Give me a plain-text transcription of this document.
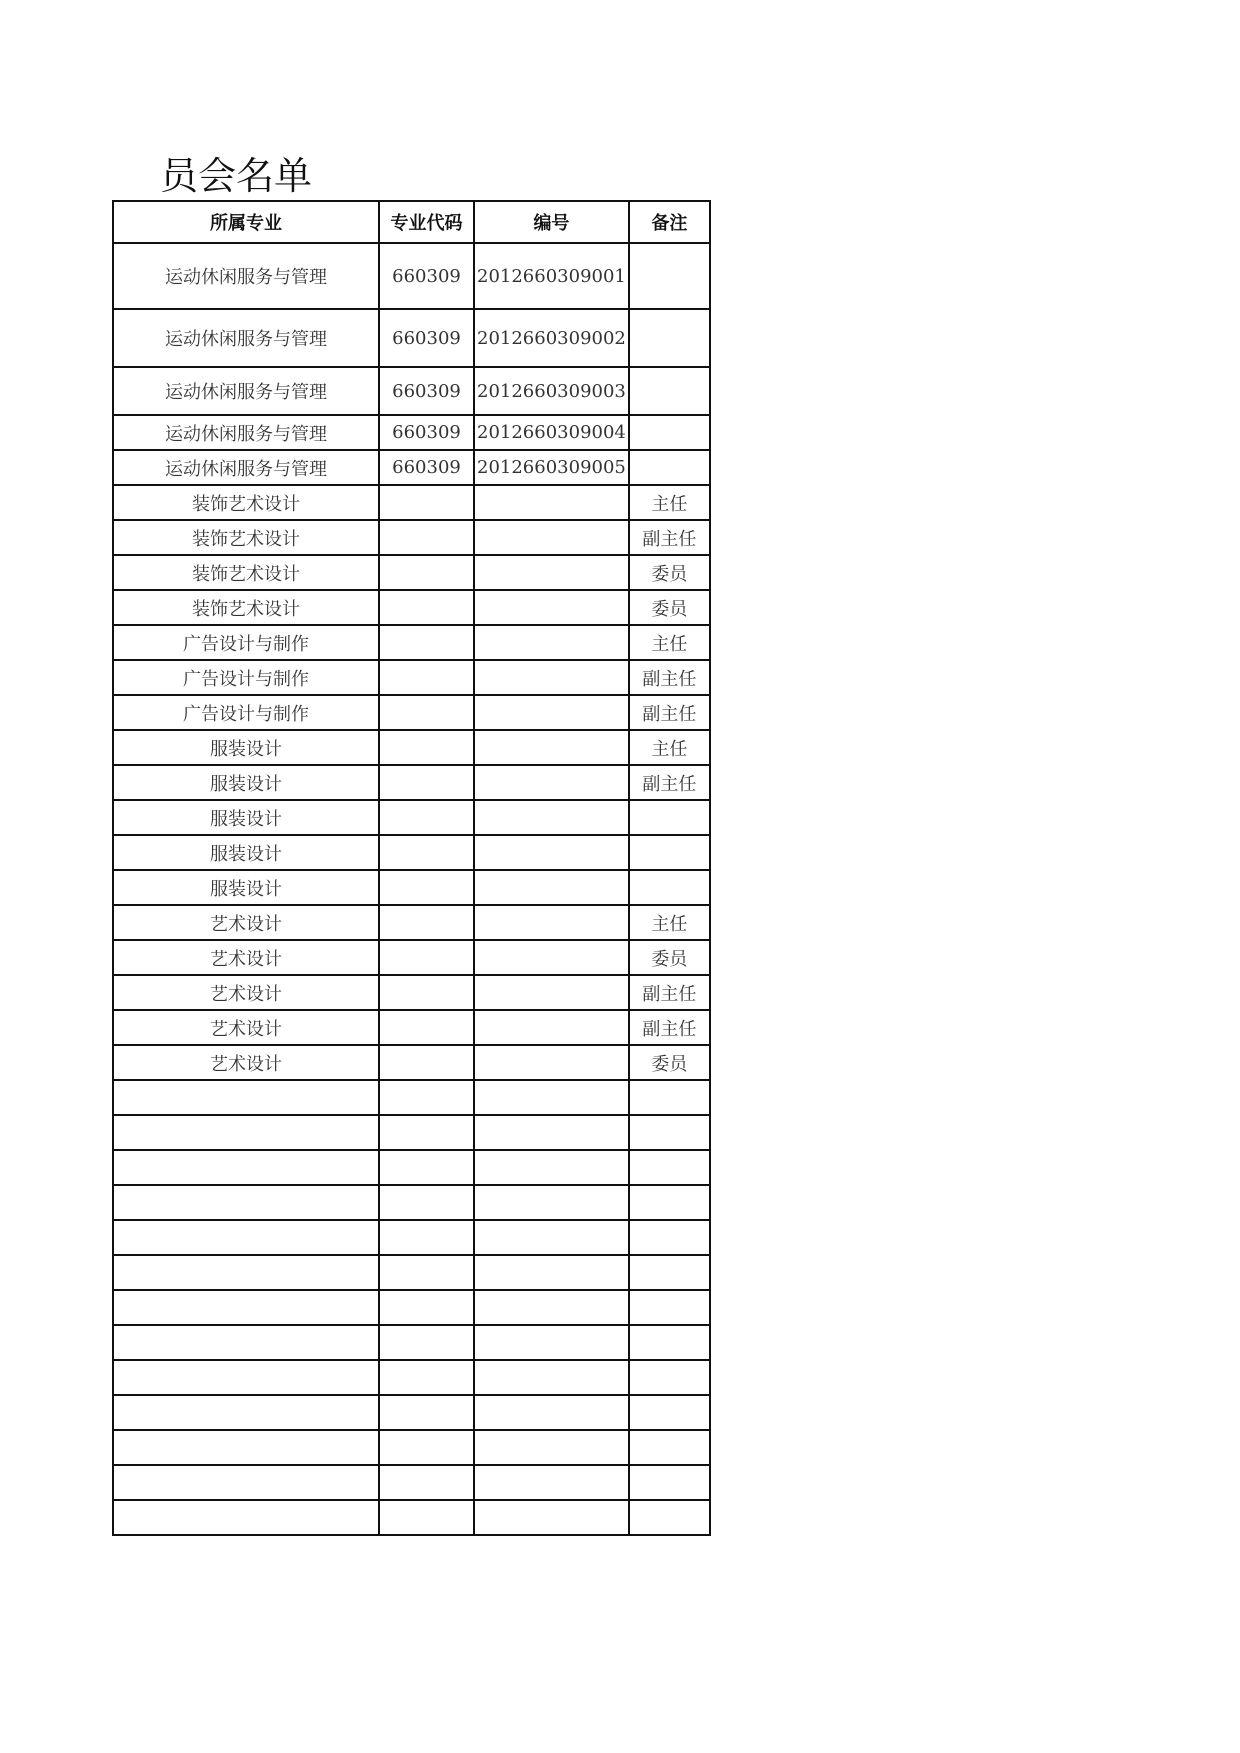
员会名单
所属专业	专业代码	编号	备注
运动休闲服务与管理	660309	2012660309001	
运动休闲服务与管理	660309	2012660309002	
运动休闲服务与管理	660309	2012660309003	
运动休闲服务与管理	660309	2012660309004	
运动休闲服务与管理	660309	2012660309005	
装饰艺术设计			主任
装饰艺术设计			副主任
装饰艺术设计			委员
装饰艺术设计			委员
广告设计与制作			主任
广告设计与制作			副主任
广告设计与制作			副主任
服装设计			主任
服装设计			副主任
服装设计			
服装设计			
服装设计			
艺术设计			主任
艺术设计			委员
艺术设计			副主任
艺术设计			副主任
艺术设计			委员
